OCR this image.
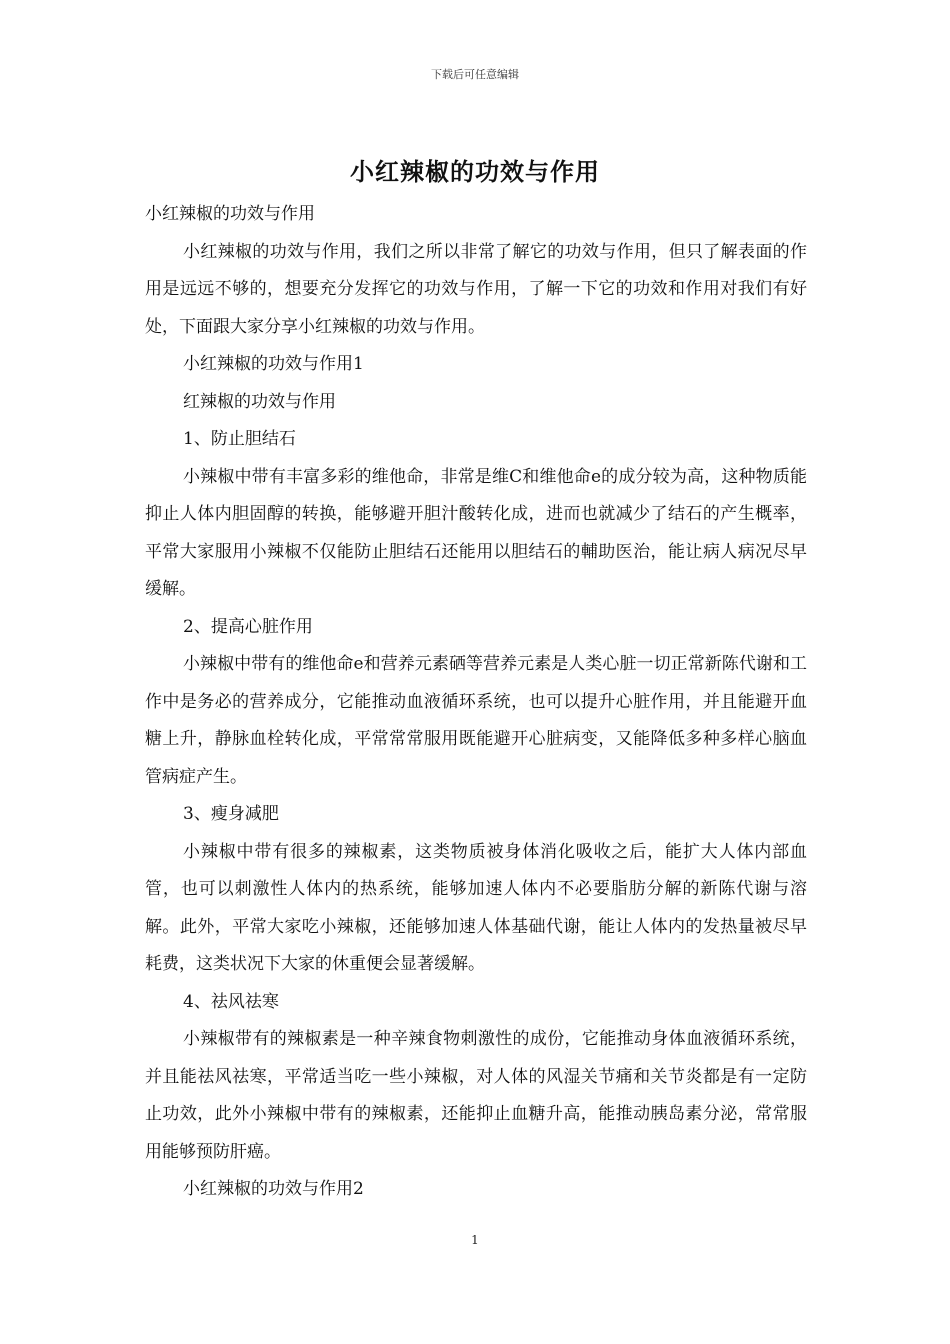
下载后可任意编辑
小红辣椒的功效与作用

小红辣椒的功效与作用

小红辣椒的功效与作用，我们之所以非常了解它的功效与作用，但只了解表面的作用是远远不够的，想要充分发挥它的功效与作用，了解一下它的功效和作用对我们有好处，下面跟大家分享小红辣椒的功效与作用。

小红辣椒的功效与作用1

红辣椒的功效与作用

1、防止胆结石

小辣椒中带有丰富多彩的维他命，非常是维C和维他命e的成分较为高，这种物质能抑止人体内胆固醇的转换，能够避开胆汁酸转化成，进而也就减少了结石的产生概率，平常大家服用小辣椒不仅能防止胆结石还能用以胆结石的輔助医治，能让病人病况尽早缓解。

2、提高心脏作用

小辣椒中带有的维他命e和营养元素硒等营养元素是人类心脏一切正常新陈代谢和工作中是务必的营养成分，它能推动血液循环系统，也可以提升心脏作用，并且能避开血糖上升，静脉血栓转化成，平常常常服用既能避开心脏病变，又能降低多种多样心脑血管病症产生。

3、瘦身减肥

小辣椒中带有很多的辣椒素，这类物质被身体消化吸收之后，能扩大人体内部血管，也可以刺激性人体内的热系统，能够加速人体内不必要脂肪分解的新陈代谢与溶解。此外，平常大家吃小辣椒，还能够加速人体基础代谢，能让人体内的发热量被尽早耗费，这类状况下大家的休重便会显著缓解。

4、祛风祛寒

小辣椒带有的辣椒素是一种辛辣食物刺激性的成份，它能推动身体血液循环系统，并且能祛风祛寒，平常适当吃一些小辣椒，对人体的风湿关节痛和关节炎都是有一定防止功效，此外小辣椒中带有的辣椒素，还能抑止血糖升高，能推动胰岛素分泌，常常服用能够预防肝癌。

小红辣椒的功效与作用2

1
